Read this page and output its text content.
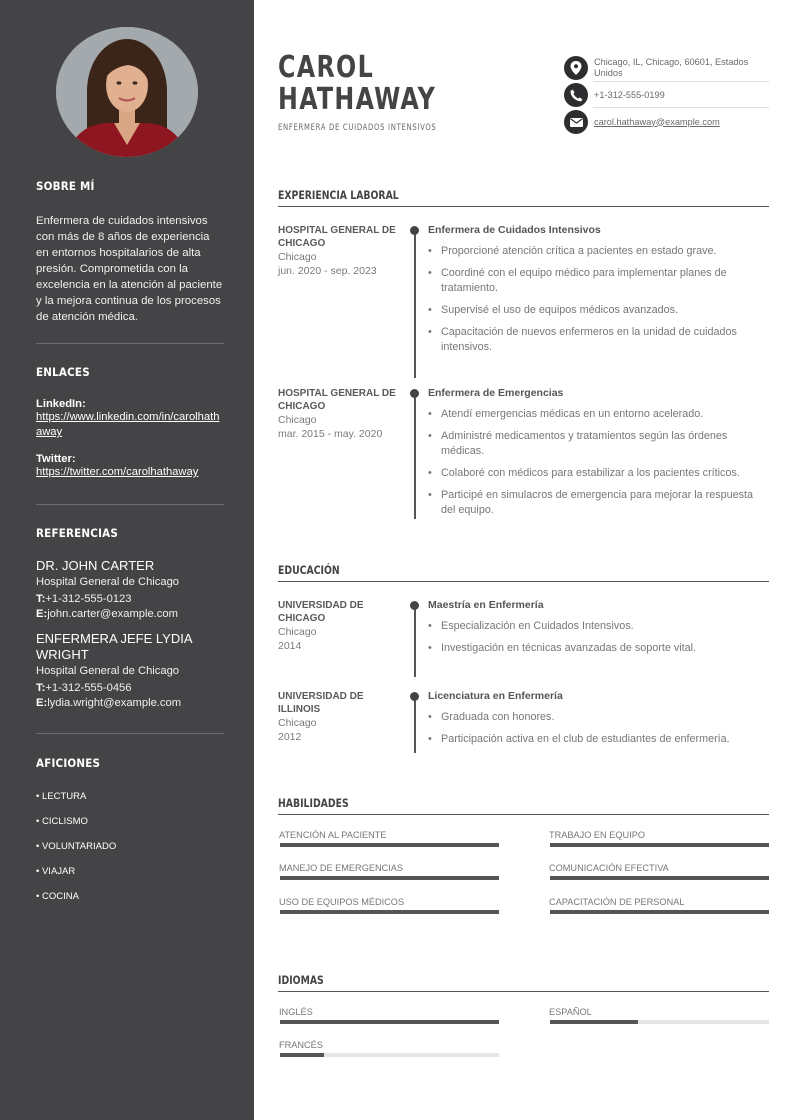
SOBRE MÍ
Enfermera de cuidados intensivos con más de 8 años de experiencia en entornos hospitalarios de alta presión. Comprometida con la excelencia en la atención al paciente y la mejora continua de los procesos de atención médica.
ENLACES
LinkedIn:
https://www.linkedin.com/in/carolhathaway
Twitter:
https://twitter.com/carolhathaway
REFERENCIAS
DR. JOHN CARTER
Hospital General de Chicago
T:+1-312-555-0123
E:john.carter@example.com
ENFERMERA JEFE LYDIA WRIGHT
Hospital General de Chicago
T:+1-312-555-0456
E:lydia.wright@example.com
AFICIONES
• LECTURA
• CICLISMO
• VOLUNTARIADO
• VIAJAR
• COCINA
CAROL
HATHAWAY
ENFERMERA DE CUIDADOS INTENSIVOS
Chicago, IL, Chicago, 60601, Estados Unidos
+1-312-555-0199
carol.hathaway@example.com
EXPERIENCIA LABORAL
HOSPITAL GENERAL DE CHICAGO
Chicago
jun. 2020 - sep. 2023
Enfermera de Cuidados Intensivos
• Proporcioné atención crítica a pacientes en estado grave.
• Coordiné con el equipo médico para implementar planes de tratamiento.
• Supervisé el uso de equipos médicos avanzados.
• Capacitación de nuevos enfermeros en la unidad de cuidados intensivos.
HOSPITAL GENERAL DE CHICAGO
Chicago
mar. 2015 - may. 2020
Enfermera de Emergencias
• Atendí emergencias médicas en un entorno acelerado.
• Administré medicamentos y tratamientos según las órdenes médicas.
• Colaboré con médicos para estabilizar a los pacientes críticos.
• Participé en simulacros de emergencia para mejorar la respuesta del equipo.
EDUCACIÓN
UNIVERSIDAD DE CHICAGO
Chicago
2014
Maestría en Enfermería
• Especialización en Cuidados Intensivos.
• Investigación en técnicas avanzadas de soporte vital.
UNIVERSIDAD DE ILLINOIS
Chicago
2012
Licenciatura en Enfermería
• Graduada con honores.
• Participación activa en el club de estudiantes de enfermería.
HABILIDADES
ATENCIÓN AL PACIENTE	TRABAJO EN EQUIPO
MANEJO DE EMERGENCIAS	COMUNICACIÓN EFECTIVA
USO DE EQUIPOS MÉDICOS	CAPACITACIÓN DE PERSONAL
IDIOMAS
INGLÉS	ESPAÑOL
FRANCÉS
